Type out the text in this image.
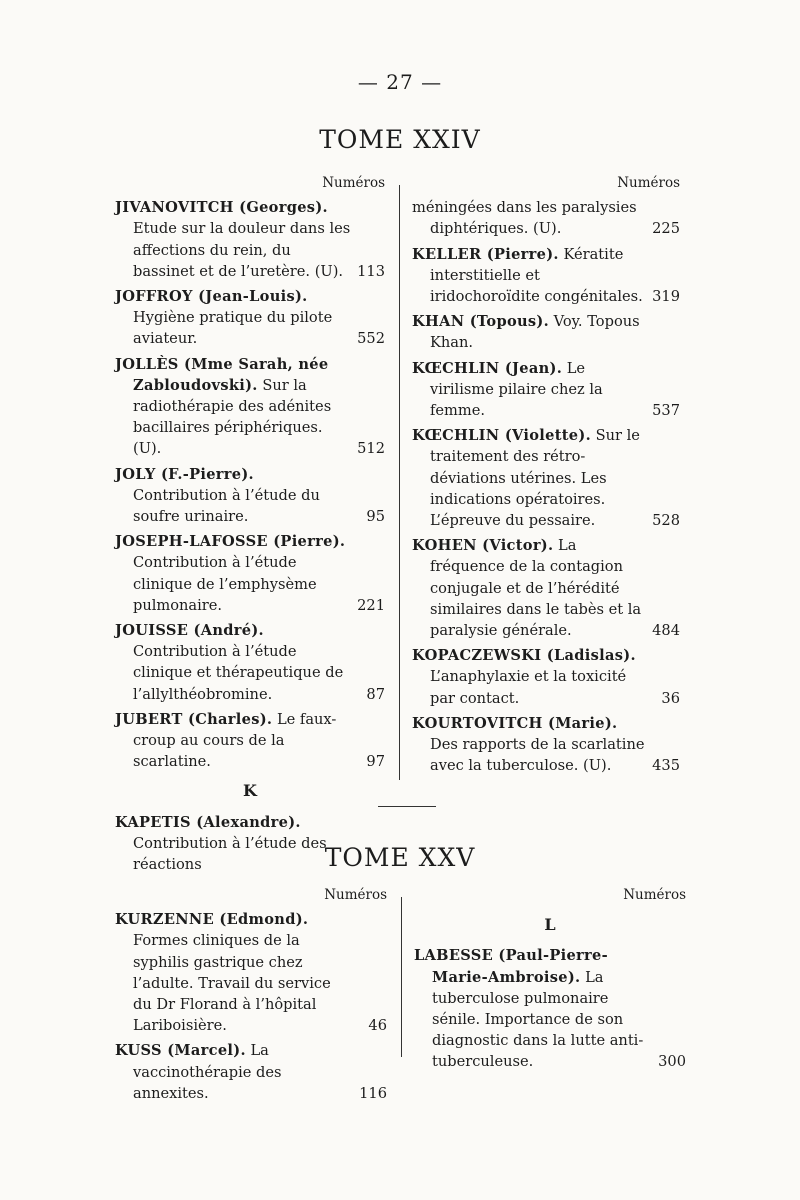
— 27 —
TOME XXIV
Numéros
JIVANOVITCH (Georges). Etude sur la douleur dans les affections du rein, du bassinet et de l’uretère. (U). 113
JOFFROY (Jean-Louis). Hygiène pratique du pilote aviateur.	552
JOLLÈS (Mme Sarah, née Zabloudovski). Sur la radiothérapie des adénites bacillaires périphériques. (U).	512
JOLY (F.-Pierre). Contribution à l’étude du soufre urinaire.	95
JOSEPH-LAFOSSE (Pierre). Contribution à l’étude clinique de l’emphysème pulmonaire.	221
JOUISSE (André). Contribution à l’étude clinique et thérapeutique de l’allylthéobromine.	87
JUBERT (Charles). Le faux-croup au cours de la scarlatine.	97
K
KAPETIS (Alexandre). Contribution à l’étude des réactions
Numéros
méningées dans les paralysies diphtériques. (U).	225
KELLER (Pierre). Kératite interstitielle et iridochoroïdite congénitales. 319
KHAN (Topous). Voy. Topous Khan.
KŒCHLIN (Jean). Le virilisme pilaire chez la femme.	537
KŒCHLIN (Violette). Sur le traitement des rétro-déviations utérines. Les indications opératoires. L’épreuve du pessaire.	528
KOHEN (Victor). La fréquence de la contagion conjugale et de l’hérédité similaires dans le tabès et la paralysie générale.	484
KOPACZEWSKI (Ladislas). L’anaphylaxie et la toxicité par contact.	36
KOURTOVITCH (Marie). Des rapports de la scarlatine avec la tuberculose. (U).	435
TOME XXV
Numéros
KURZENNE (Edmond). Formes cliniques de la syphilis gastrique chez l’adulte. Travail du service du Dr Florand à l’hôpital Lariboisière.	46
KUSS (Marcel). La vaccinothérapie des annexites.	116
Numéros
L
LABESSE (Paul-Pierre-Marie-Ambroise). La tuberculose pulmonaire sénile. Importance de son diagnostic dans la lutte anti-tuberculeuse.	300
